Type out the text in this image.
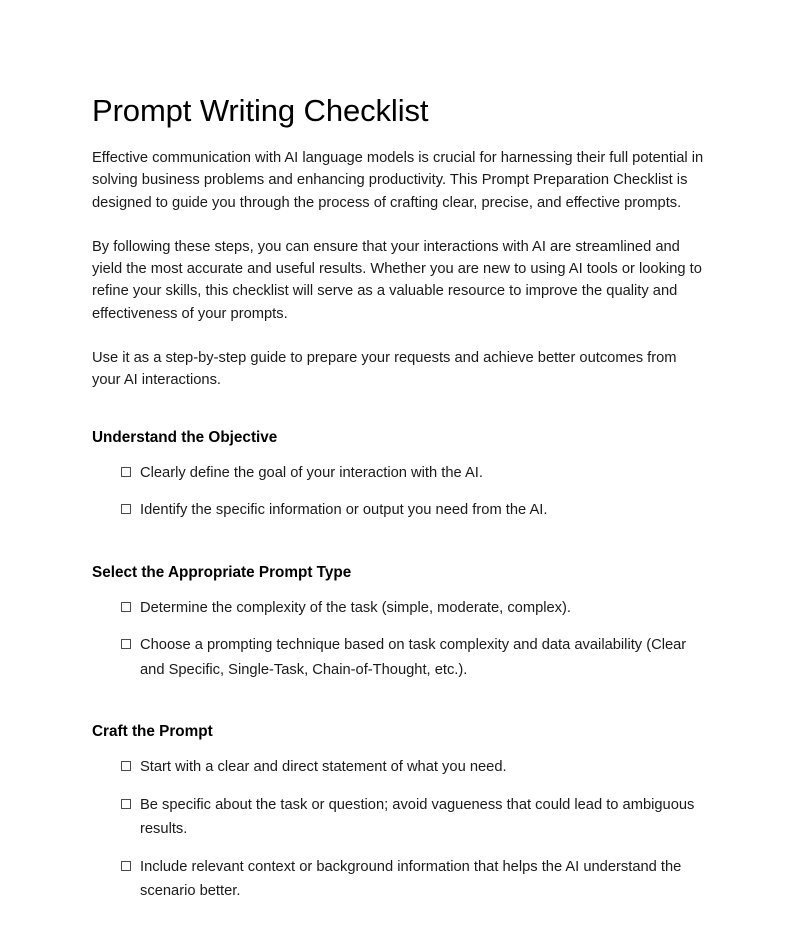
Prompt Writing Checklist

Effective communication with AI language models is crucial for harnessing their full potential in solving business problems and enhancing productivity. This Prompt Preparation Checklist is designed to guide you through the process of crafting clear, precise, and effective prompts.

By following these steps, you can ensure that your interactions with AI are streamlined and yield the most accurate and useful results. Whether you are new to using AI tools or looking to refine your skills, this checklist will serve as a valuable resource to improve the quality and effectiveness of your prompts.

Use it as a step-by-step guide to prepare your requests and achieve better outcomes from your AI interactions.

Understand the Objective
Clearly define the goal of your interaction with the AI.
Identify the specific information or output you need from the AI.
Select the Appropriate Prompt Type
Determine the complexity of the task (simple, moderate, complex).
Choose a prompting technique based on task complexity and data availability (Clear and Specific, Single-Task, Chain-of-Thought, etc.).
Craft the Prompt
Start with a clear and direct statement of what you need.
Be specific about the task or question; avoid vagueness that could lead to ambiguous results.
Include relevant context or background information that helps the AI understand the scenario better.
